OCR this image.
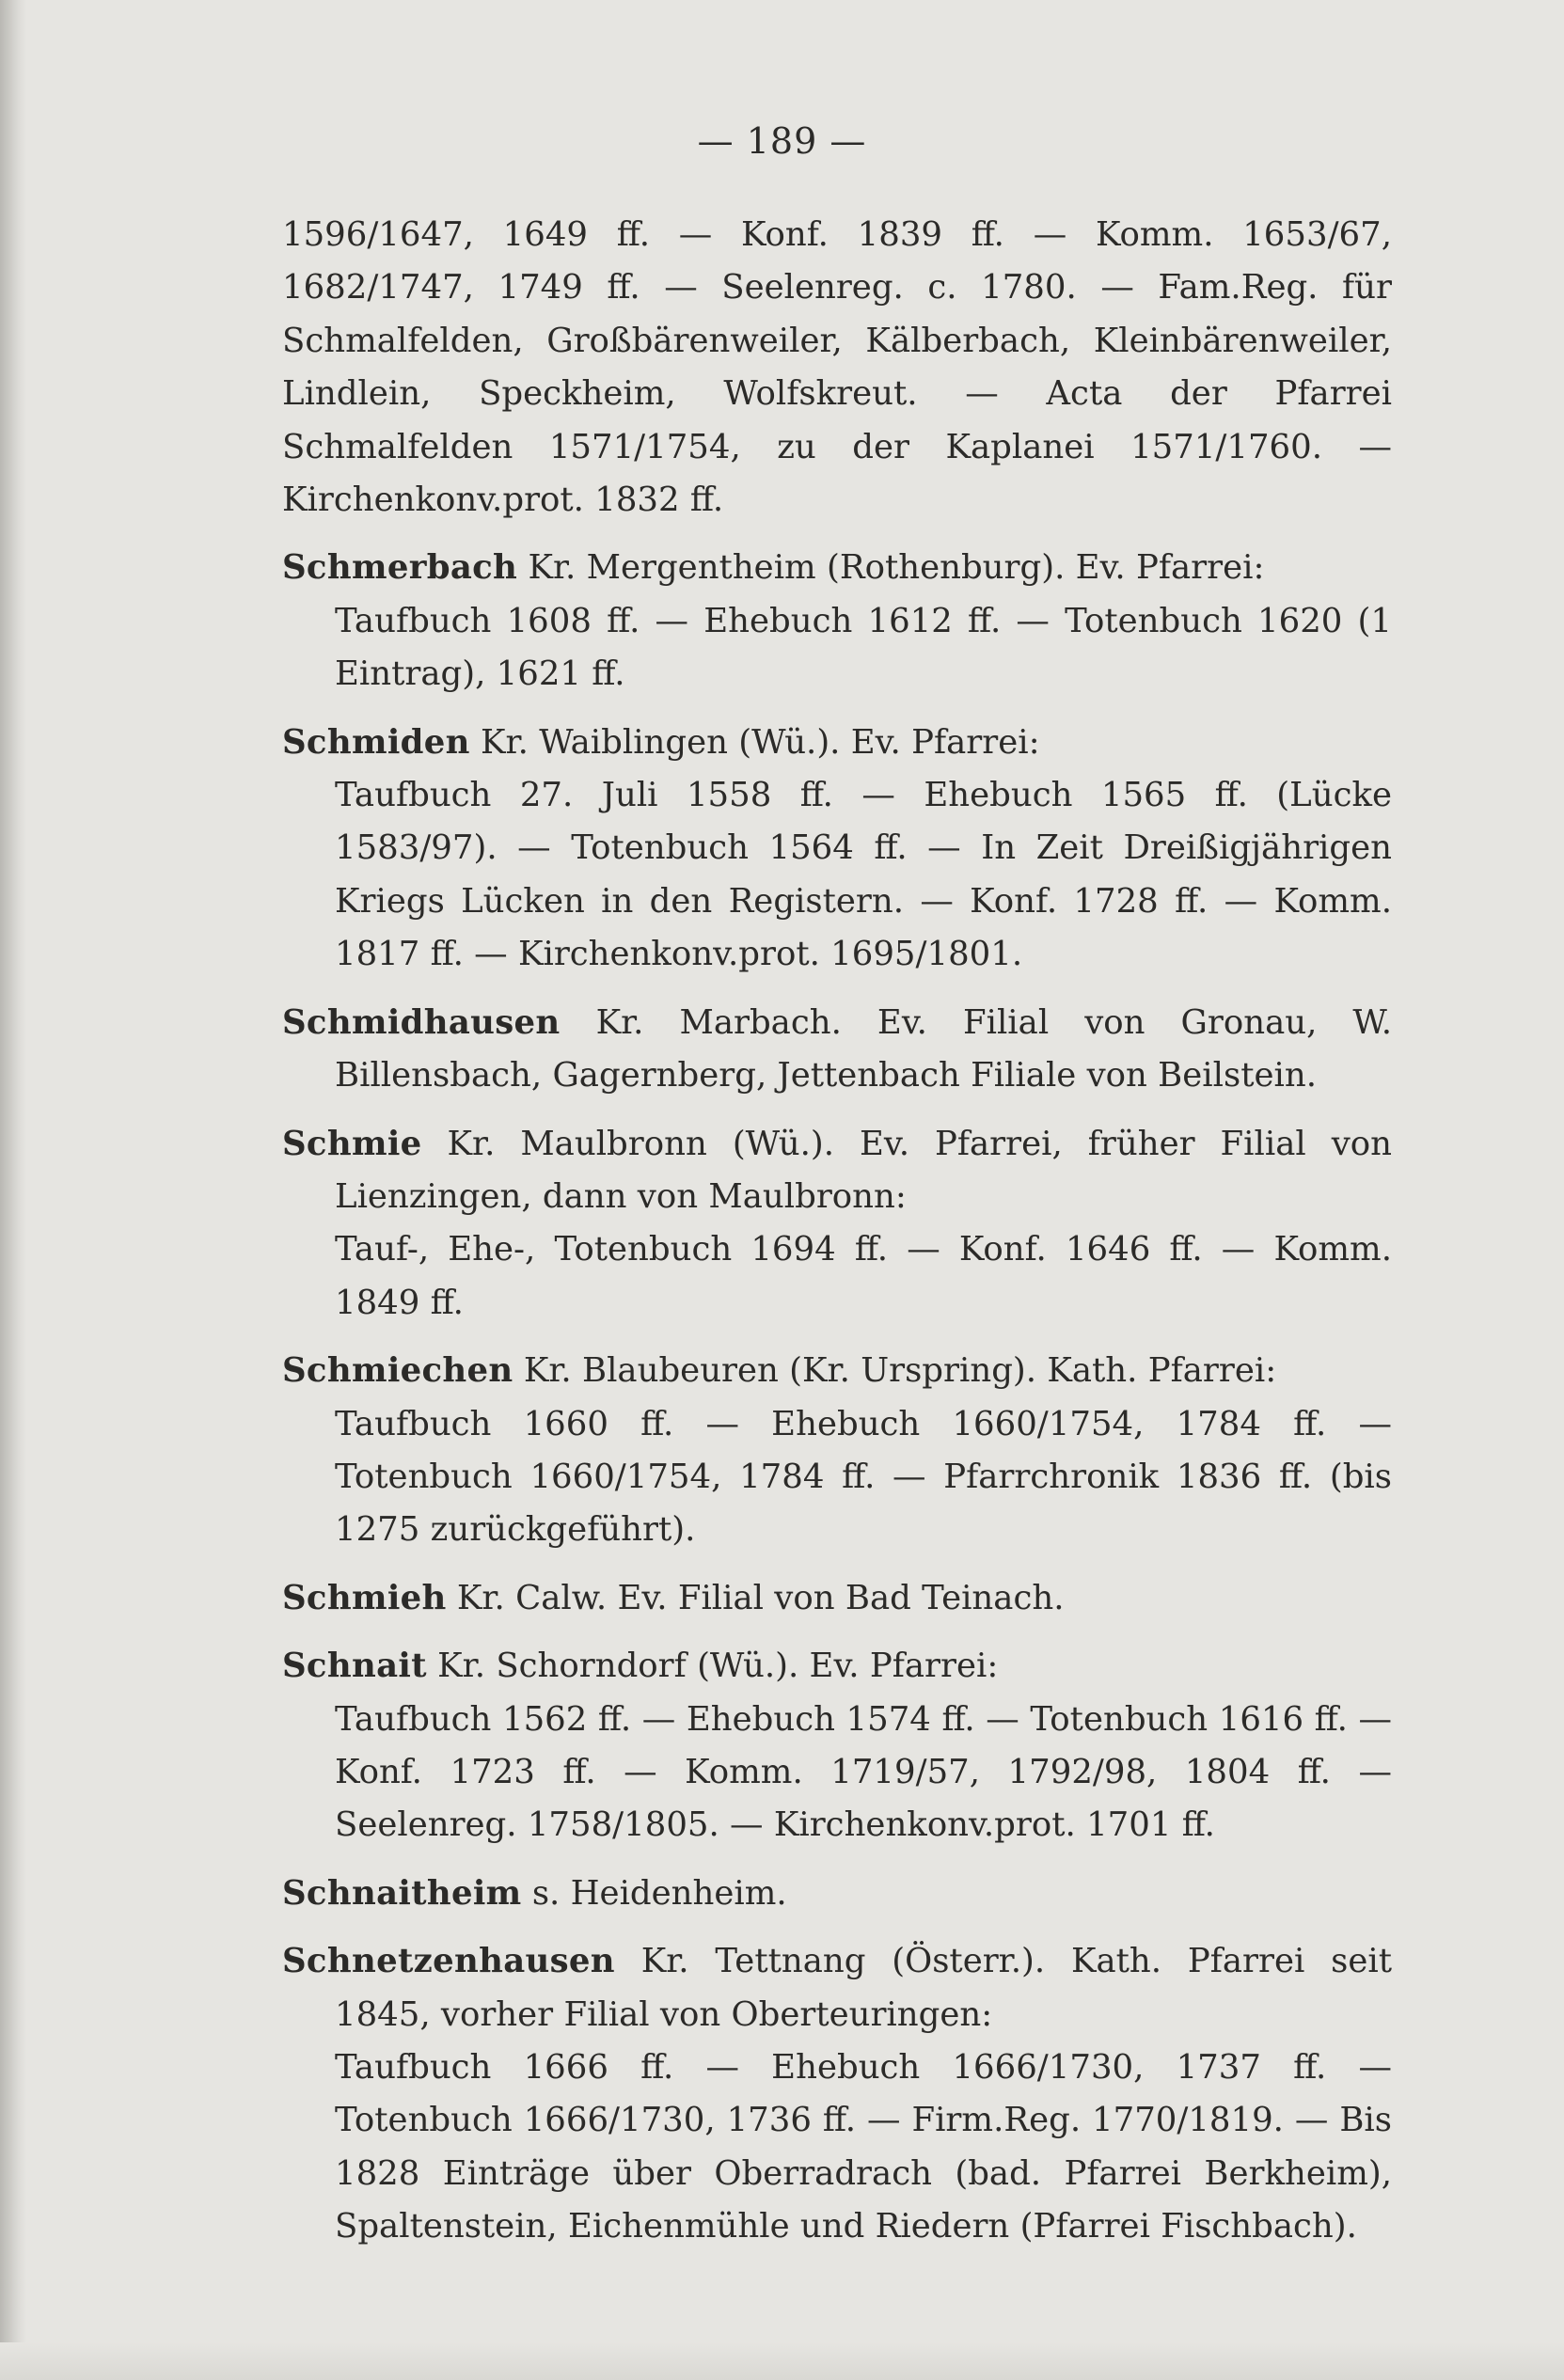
— 189 —

1596/1647, 1649 ff. — Konf. 1839 ff. — Komm. 1653/67, 1682/1747, 1749 ff. — Seelenreg. c. 1780. — Fam.Reg. für Schmalfelden, Großbärenweiler, Kälberbach, Kleinbärenweiler, Lindlein, Speckheim, Wolfskreut. — Acta der Pfarrei Schmalfelden 1571/1754, zu der Kaplanei 1571/1760. — Kirchenkonv.prot. 1832 ff.

Schmerbach Kr. Mergentheim (Rothenburg). Ev. Pfarrei:
Taufbuch 1608 ff. — Ehebuch 1612 ff. — Totenbuch 1620 (1 Eintrag), 1621 ff.

Schmiden Kr. Waiblingen (Wü.). Ev. Pfarrei:
Taufbuch 27. Juli 1558 ff. — Ehebuch 1565 ff. (Lücke 1583/97). — Totenbuch 1564 ff. — In Zeit Dreißigjährigen Kriegs Lücken in den Registern. — Konf. 1728 ff. — Komm. 1817 ff. — Kirchenkonv.prot. 1695/1801.

Schmidhausen Kr. Marbach. Ev. Filial von Gronau, W. Billensbach, Gagernberg, Jettenbach Filiale von Beilstein.

Schmie Kr. Maulbronn (Wü.). Ev. Pfarrei, früher Filial von Lienzingen, dann von Maulbronn:
Tauf-, Ehe-, Totenbuch 1694 ff. — Konf. 1646 ff. — Komm. 1849 ff.

Schmiechen Kr. Blaubeuren (Kr. Urspring). Kath. Pfarrei:
Taufbuch 1660 ff. — Ehebuch 1660/1754, 1784 ff. — Totenbuch 1660/1754, 1784 ff. — Pfarrchronik 1836 ff. (bis 1275 zurückgeführt).

Schmieh Kr. Calw. Ev. Filial von Bad Teinach.

Schnait Kr. Schorndorf (Wü.). Ev. Pfarrei:
Taufbuch 1562 ff. — Ehebuch 1574 ff. — Totenbuch 1616 ff. — Konf. 1723 ff. — Komm. 1719/57, 1792/98, 1804 ff. — Seelenreg. 1758/1805. — Kirchenkonv.prot. 1701 ff.

Schnaitheim s. Heidenheim.

Schnetzenhausen Kr. Tettnang (Österr.). Kath. Pfarrei seit 1845, vorher Filial von Oberteuringen:
Taufbuch 1666 ff. — Ehebuch 1666/1730, 1737 ff. — Totenbuch 1666/1730, 1736 ff. — Firm.Reg. 1770/1819. — Bis 1828 Einträge über Oberradrach (bad. Pfarrei Berkheim), Spaltenstein, Eichenmühle und Riedern (Pfarrei Fischbach).
